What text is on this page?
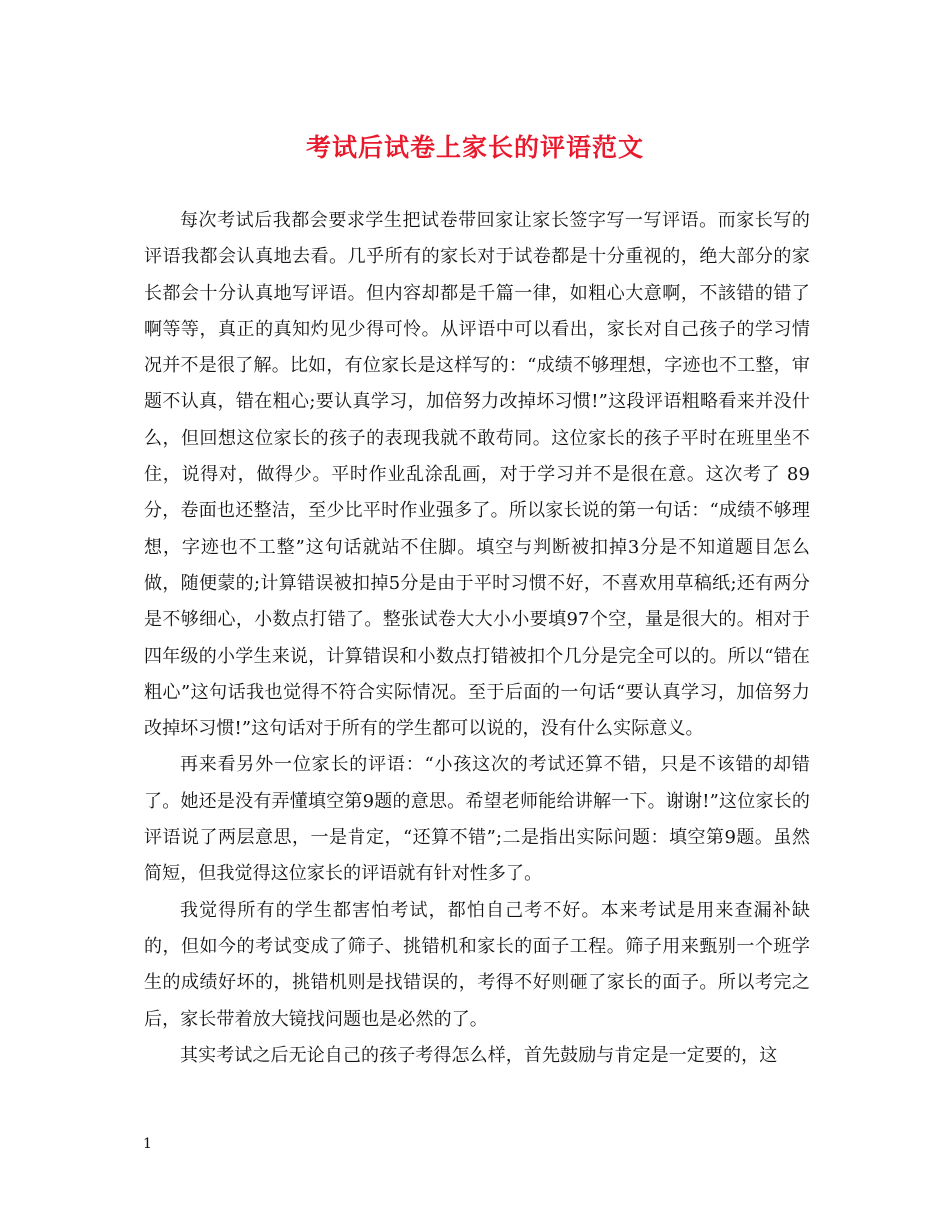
考试后试卷上家长的评语范文

每次考试后我都会要求学生把试卷带回家让家长签字写一写评语。而家长写的评语我都会认真地去看。几乎所有的家长对于试卷都是十分重视的，绝大部分的家长都会十分认真地写评语。但内容却都是千篇一律，如粗心大意啊，不該错的错了啊等等，真正的真知灼见少得可怜。从评语中可以看出，家长对自己孩子的学习情况并不是很了解。比如，有位家长是这样写的：“成绩不够理想，字迹也不工整，审题不认真，错在粗心;要认真学习，加倍努力改掉坏习惯!”这段评语粗略看来并没什么，但回想这位家长的孩子的表现我就不敢苟同。这位家长的孩子平时在班里坐不住，说得对，做得少。平时作业乱涂乱画，对于学习并不是很在意。这次考了 89分，卷面也还整洁，至少比平时作业强多了。所以家长说的第一句话：“成绩不够理想，字迹也不工整”这句话就站不住脚。填空与判断被扣掉3分是不知道题目怎么做，随便蒙的;计算错误被扣掉5分是由于平时习惯不好，不喜欢用草稿纸;还有两分是不够细心，小数点打错了。整张试卷大大小小要填97个空，量是很大的。相对于四年级的小学生来说，计算错误和小数点打错被扣个几分是完全可以的。所以“错在粗心”这句话我也觉得不符合实际情况。至于后面的一句话“要认真学习，加倍努力改掉坏习惯!”这句话对于所有的学生都可以说的，没有什么实际意义。

再来看另外一位家长的评语：“小孩这次的考试还算不错，只是不该错的却错了。她还是没有弄懂填空第9题的意思。希望老师能给讲解一下。谢谢!”这位家长的评语说了两层意思，一是肯定，“还算不错”;二是指出实际问题：填空第9题。虽然简短，但我觉得这位家长的评语就有针对性多了。

我觉得所有的学生都害怕考试，都怕自己考不好。本来考试是用来查漏补缺的，但如今的考试变成了筛子、挑错机和家长的面子工程。筛子用来甄别一个班学生的成绩好坏的，挑错机则是找错误的，考得不好则砸了家长的面子。所以考完之后，家长带着放大镜找问题也是必然的了。

其实考试之后无论自己的孩子考得怎么样，首先鼓励与肯定是一定要的，这

1
